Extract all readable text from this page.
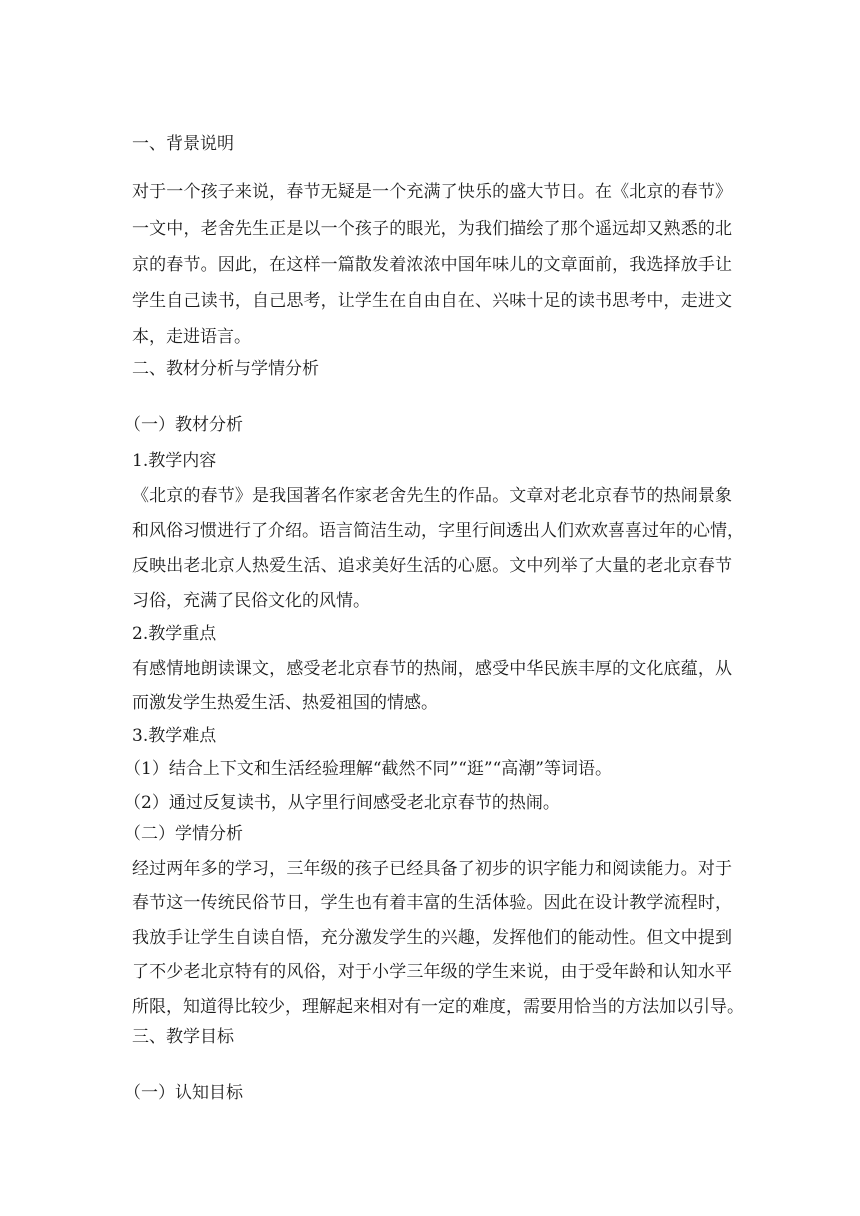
一、背景说明
对于一个孩子来说，春节无疑是一个充满了快乐的盛大节日。在《北京的春节》
一文中，老舍先生正是以一个孩子的眼光，为我们描绘了那个遥远却又熟悉的北
京的春节。因此，在这样一篇散发着浓浓中国年味儿的文章面前，我选择放手让
学生自己读书，自己思考，让学生在自由自在、兴味十足的读书思考中，走进文
本，走进语言。
二、教材分析与学情分析
（一）教材分析
1.教学内容
《北京的春节》是我国著名作家老舍先生的作品。文章对老北京春节的热闹景象
和风俗习惯进行了介绍。语言简洁生动，字里行间透出人们欢欢喜喜过年的心情，
反映出老北京人热爱生活、追求美好生活的心愿。文中列举了大量的老北京春节
习俗，充满了民俗文化的风情。
2.教学重点
有感情地朗读课文，感受老北京春节的热闹，感受中华民族丰厚的文化底蕴，从
而激发学生热爱生活、热爱祖国的情感。
3.教学难点
（1）结合上下文和生活经验理解“截然不同”“逛”“高潮”等词语。
（2）通过反复读书，从字里行间感受老北京春节的热闹。
（二）学情分析
经过两年多的学习，三年级的孩子已经具备了初步的识字能力和阅读能力。对于
春节这一传统民俗节日，学生也有着丰富的生活体验。因此在设计教学流程时，
我放手让学生自读自悟，充分激发学生的兴趣，发挥他们的能动性。但文中提到
了不少老北京特有的风俗，对于小学三年级的学生来说，由于受年龄和认知水平
所限，知道得比较少，理解起来相对有一定的难度，需要用恰当的方法加以引导。
三、教学目标
（一）认知目标
